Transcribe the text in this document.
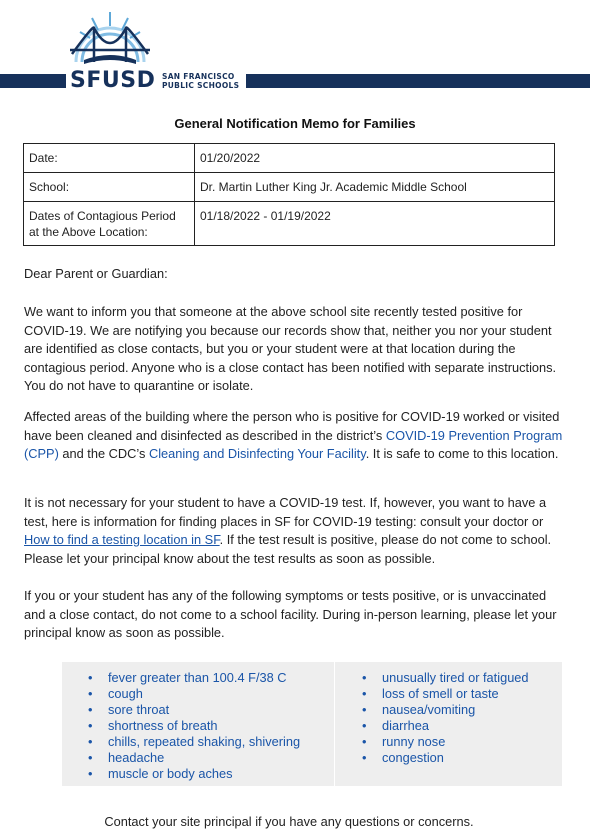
SFUSD SAN FRANCISCO
PUBLIC SCHOOLS
General Notification Memo for Families
Date:	01/20/2022
School:	Dr. Martin Luther King Jr. Academic Middle School
Dates of Contagious Period at the Above Location:	01/18/2022 - 01/19/2022
Dear Parent or Guardian:
We want to inform you that someone at the above school site recently tested positive for COVID-19. We are notifying you because our records show that, neither you nor your student are identified as close contacts, but you or your student were at that location during the contagious period. Anyone who is a close contact has been notified with separate instructions. You do not have to quarantine or isolate.

Affected areas of the building where the person who is positive for COVID-19 worked or visited have been cleaned and disinfected as described in the district’s COVID-19 Prevention Program (CPP) and the CDC’s Cleaning and Disinfecting Your Facility. It is safe to come to this location.

It is not necessary for your student to have a COVID-19 test. If, however, you want to have a test, here is information for finding places in SF for COVID-19 testing: consult your doctor or How to find a testing location in SF. If the test result is positive, please do not come to school. Please let your principal know about the test results as soon as possible.

If you or your student has any of the following symptoms or tests positive, or is unvaccinated and a close contact, do not come to a school facility. During in-person learning, please let your principal know as soon as possible.
• fever greater than 100.4 F/38 C
• cough
• sore throat
• shortness of breath
• chills, repeated shaking, shivering
• headache
• muscle or body aches
• unusually tired or fatigued
• loss of smell or taste
• nausea/vomiting
• diarrhea
• runny nose
• congestion
Contact your site principal if you have any questions or concerns.
